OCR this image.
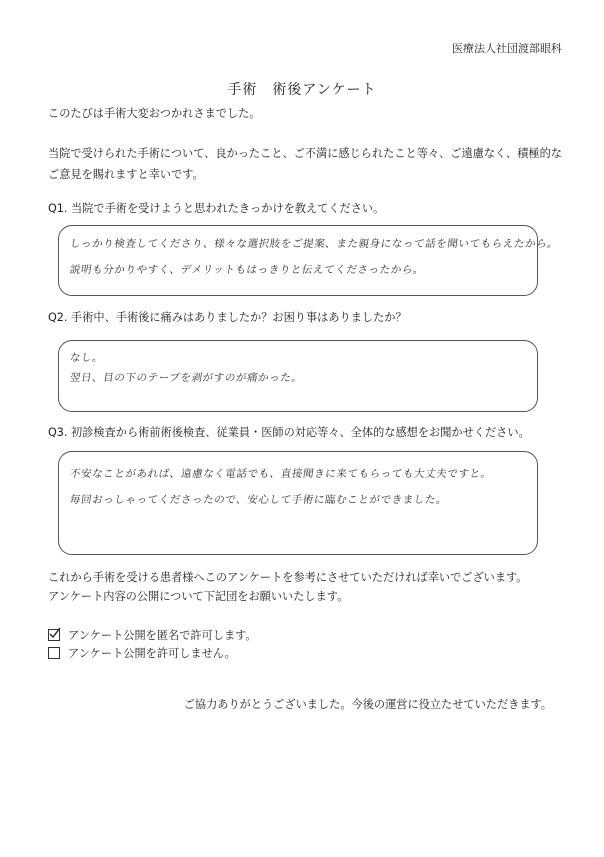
医療法人社団渡部眼科
手術　術後アンケート
このたびは手術大変おつかれさまでした。
当院で受けられた手術について、良かったこと、ご不満に感じられたこと等々、ご遠慮なく、積極的な
ご意見を賜れますと幸いです。
Q1. 当院で手術を受けようと思われたきっかけを教えてください。
しっかり検査してくださり、様々な選択肢をご提案、また親身になって話を聞いてもらえたから。
説明も分かりやすく、デメリットもはっきりと伝えてくださったから。
Q2. 手術中、手術後に痛みはありましたか？お困り事はありましたか？
なし。
翌日、目の下のテープを剥がすのが痛かった。
Q3. 初診検査から術前術後検査、従業員・医師の対応等々、全体的な感想をお聞かせください。
不安なことがあれば、遠慮なく電話でも、直接聞きに来てもらっても大丈夫ですと。
毎回おっしゃってくださったので、安心して手術に臨むことができました。
これから手術を受ける患者様へこのアンケートを参考にさせていただければ幸いでございます。
アンケート内容の公開について下記団をお願いいたします。
アンケート公開を匿名で許可します。
アンケート公開を許可しません。
ご協力ありがとうございました。今後の運営に役立たせていただきます。
